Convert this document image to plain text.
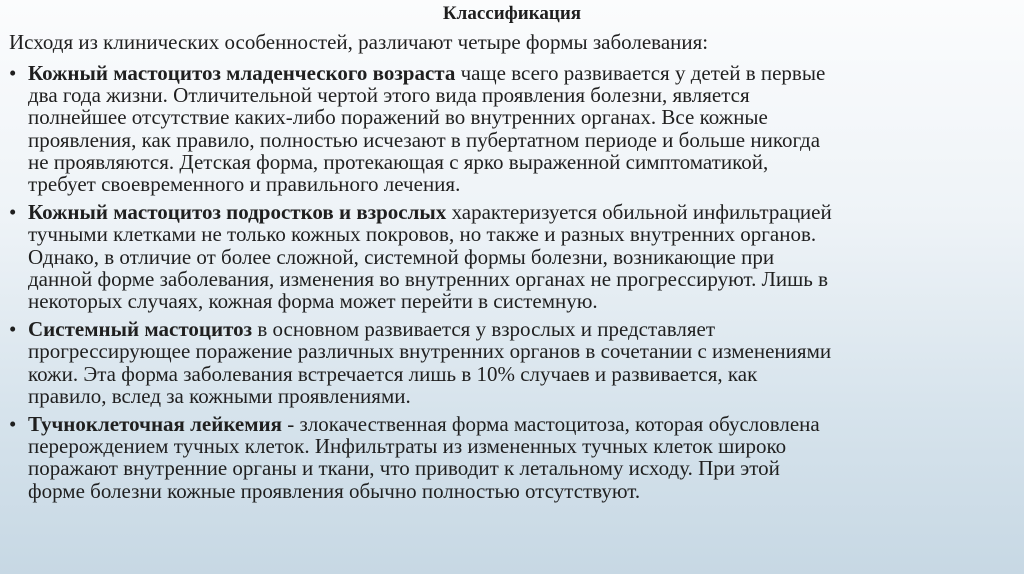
Классификация
Исходя из клинических особенностей, различают четыре формы заболевания:
• Кожный мастоцитоз младенческого возраста чаще всего развивается у детей в первые
два года жизни. Отличительной чертой этого вида проявления болезни, является
полнейшее отсутствие каких-либо поражений во внутренних органах. Все кожные
проявления, как правило, полностью исчезают в пубертатном периоде и больше никогда
не проявляются. Детская форма, протекающая с ярко выраженной симптоматикой,
требует своевременного и правильного лечения.
• Кожный мастоцитоз подростков и взрослых характеризуется обильной инфильтрацией
тучными клетками не только кожных покровов, но также и разных внутренних органов.
Однако, в отличие от более сложной, системной формы болезни, возникающие при
данной форме заболевания, изменения во внутренних органах не прогрессируют. Лишь в
некоторых случаях, кожная форма может перейти в системную.
• Системный мастоцитоз в основном развивается у взрослых и представляет
прогрессирующее поражение различных внутренних органов в сочетании с изменениями
кожи. Эта форма заболевания встречается лишь в 10% случаев и развивается, как
правило, вслед за кожными проявлениями.
• Тучноклеточная лейкемия - злокачественная форма мастоцитоза, которая обусловлена
перерождением тучных клеток. Инфильтраты из измененных тучных клеток широко
поражают внутренние органы и ткани, что приводит к летальному исходу. При этой
форме болезни кожные проявления обычно полностью отсутствуют.
